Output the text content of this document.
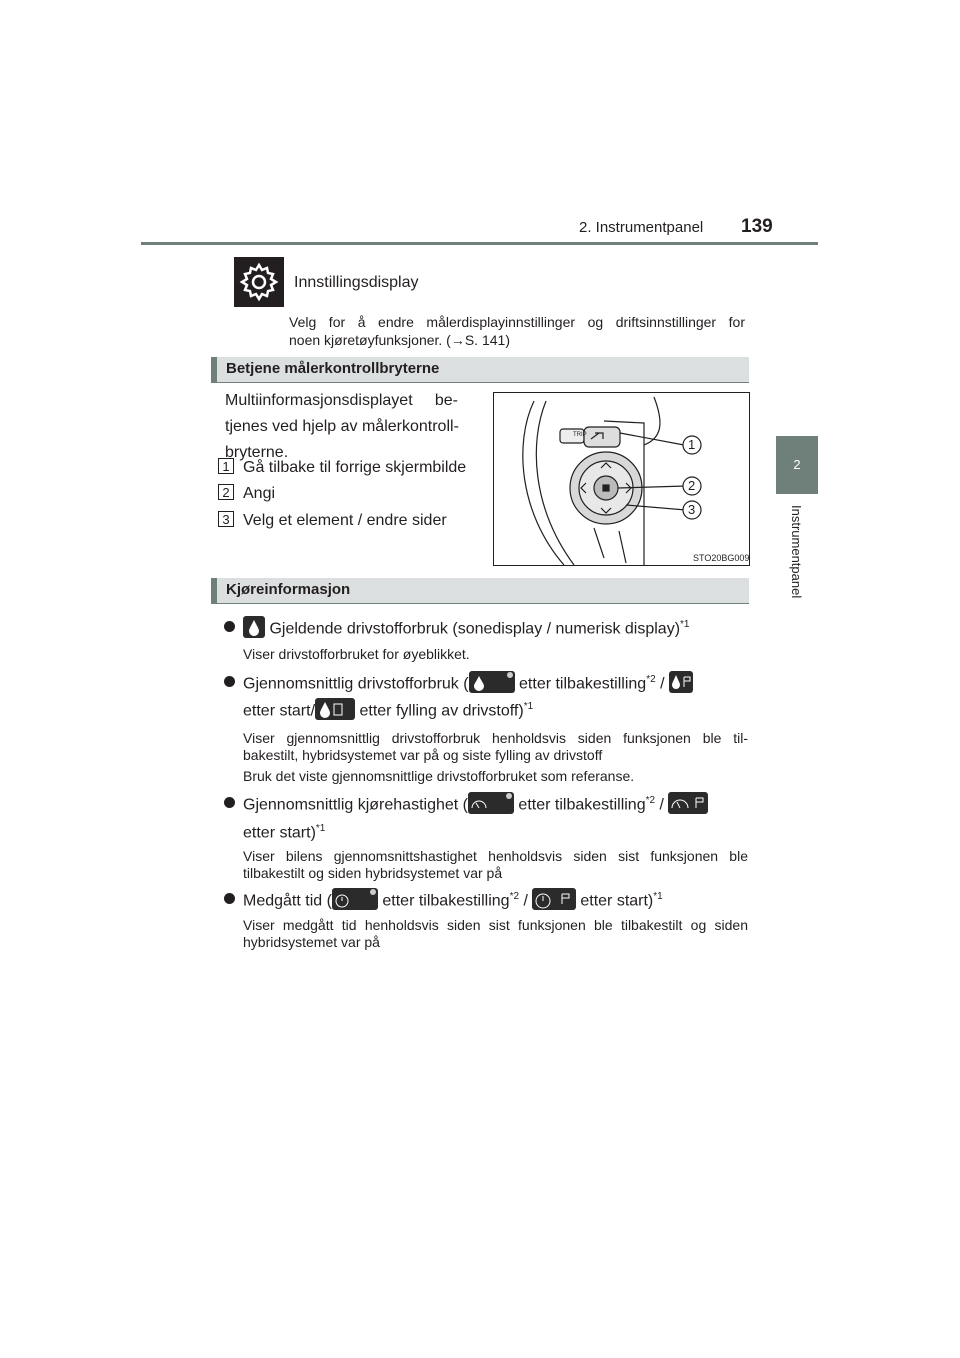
2. Instrumentpanel 139
2
Instrumentpanel
Innstillingsdisplay
Velg for å endre målerdisplayinnstillinger og driftsinnstillinger for
noen kjøretøyfunksjoner. (→S. 141)
Betjene målerkontrollbryterne
Multiinformasjonsdisplayet     be-
tjenes ved hjelp av målerkontroll-
bryterne.
1 Gå tilbake til forrige skjermbilde
2 Angi
3 Velg et element / endre sider
TRIP
1
2
3
STO20BG009
Kjøreinformasjon
Gjeldende drivstofforbruk (sonedisplay / numerisk display)$^{*1}$
Viser drivstofforbruket for øyeblikket.
Gjennomsnittlig drivstofforbruk (	etter tilbakestilling$^{*2}$ /
etter start/	etter fylling av drivstoff)$^{*1}$
Viser gjennomsnittlig drivstofforbruk henholdsvis siden funksjonen ble til-
bakestilt, hybridsystemet var på og siste fylling av drivstoff
Bruk det viste gjennomsnittlige drivstofforbruket som referanse.
Gjennomsnittlig kjørehastighet (	etter tilbakestilling$^{*2}$ /
etter start)$^{*1}$
Viser bilens gjennomsnittshastighet henholdsvis siden sist funksjonen ble
tilbakestilt og siden hybridsystemet var på
Medgått tid (	etter tilbakestilling$^{*2}$ /	etter start)$^{*1}$
Viser medgått tid henholdsvis siden sist funksjonen ble tilbakestilt og siden
hybridsystemet var på
